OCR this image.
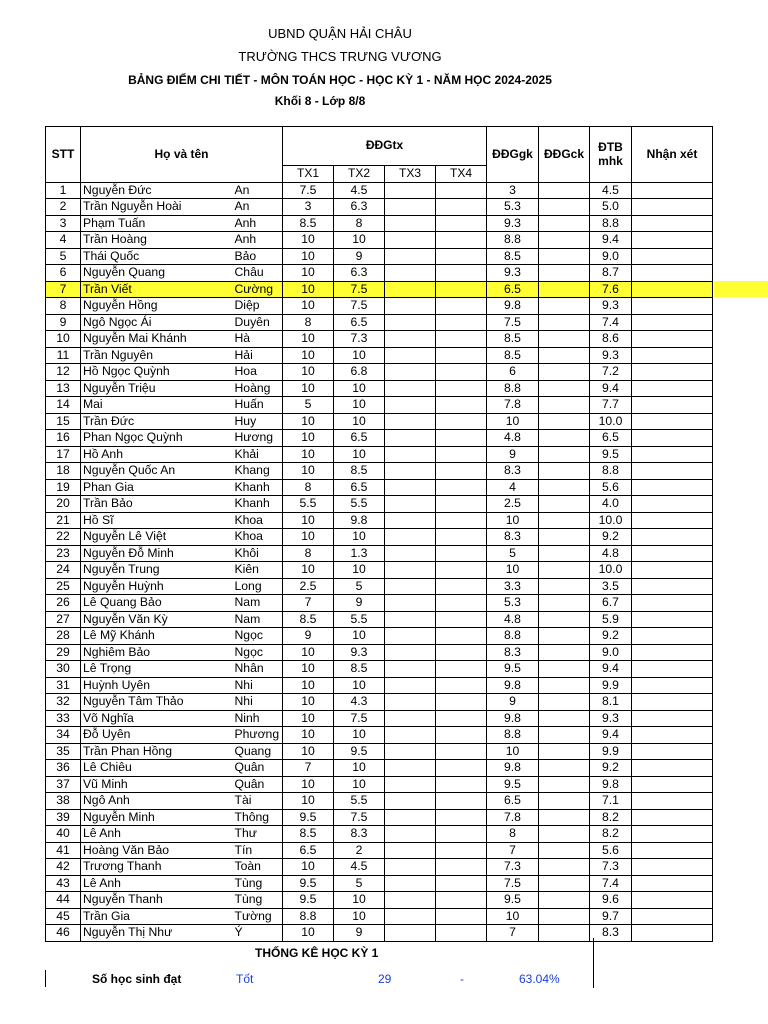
UBND QUẬN HẢI CHÂU
TRƯỜNG THCS TRƯNG VƯƠNG
BẢNG ĐIỂM CHI TIẾT - MÔN TOÁN HỌC - HỌC KỲ 1 - NĂM HỌC 2024-2025
Khối 8 - Lớp 8/8
STT	Họ và tên		ĐĐGtx				ĐĐGgk	ĐĐGck	ĐTB mhk	Nhận xét
			TX1	TX2	TX3	TX4				
1	Nguyễn Đức	An	7.5	4.5			3		4.5	
2	Trần Nguyễn Hoài	An	3	6.3			5.3		5.0	
3	Phạm Tuấn	Anh	8.5	8			9.3		8.8	
4	Trần Hoàng	Anh	10	10			8.8		9.4	
5	Thái Quốc	Bảo	10	9			8.5		9.0	
6	Nguyễn Quang	Châu	10	6.3			9.3		8.7	
7	Trần Viết	Cường	10	7.5			6.5		7.6	
8	Nguyễn Hồng	Diệp	10	7.5			9.8		9.3	
9	Ngô Ngọc Ái	Duyên	8	6.5			7.5		7.4	
10	Nguyễn Mai Khánh	Hà	10	7.3			8.5		8.6	
11	Trần Nguyên	Hải	10	10			8.5		9.3	
12	Hồ Ngọc Quỳnh	Hoa	10	6.8			6		7.2	
13	Nguyễn Triệu	Hoàng	10	10			8.8		9.4	
14	Mai	Huấn	5	10			7.8		7.7	
15	Trần Đức	Huy	10	10			10		10.0	
16	Phan Ngọc Quỳnh	Hương	10	6.5			4.8		6.5	
17	Hồ Anh	Khải	10	10			9		9.5	
18	Nguyễn Quốc An	Khang	10	8.5			8.3		8.8	
19	Phan Gia	Khanh	8	6.5			4		5.6	
20	Trần Bảo	Khanh	5.5	5.5			2.5		4.0	
21	Hồ Sĩ	Khoa	10	9.8			10		10.0	
22	Nguyễn Lê Việt	Khoa	10	10			8.3		9.2	
23	Nguyễn Đỗ Minh	Khôi	8	1.3			5		4.8	
24	Nguyễn Trung	Kiên	10	10			10		10.0	
25	Nguyễn Huỳnh	Long	2.5	5			3.3		3.5	
26	Lê Quang Bảo	Nam	7	9			5.3		6.7	
27	Nguyễn Văn Kỳ	Nam	8.5	5.5			4.8		5.9	
28	Lê Mỹ Khánh	Ngọc	9	10			8.8		9.2	
29	Nghiêm Bảo	Ngọc	10	9.3			8.3		9.0	
30	Lê Trọng	Nhân	10	8.5			9.5		9.4	
31	Huỳnh Uyên	Nhi	10	10			9.8		9.9	
32	Nguyễn Tâm Thảo	Nhi	10	4.3			9		8.1	
33	Võ Nghĩa	Ninh	10	7.5			9.8		9.3	
34	Đỗ Uyên	Phương	10	10			8.8		9.4	
35	Trần Phan Hồng	Quang	10	9.5			10		9.9	
36	Lê Chiêu	Quân	7	10			9.8		9.2	
37	Vũ Minh	Quân	10	10			9.5		9.8	
38	Ngô Anh	Tài	10	5.5			6.5		7.1	
39	Nguyễn Minh	Thông	9.5	7.5			7.8		8.2	
40	Lê Anh	Thư	8.5	8.3			8		8.2	
41	Hoàng Văn Bảo	Tín	6.5	2			7		5.6	
42	Trương Thanh	Toàn	10	4.5			7.3		7.3	
43	Lê Anh	Tùng	9.5	5			7.5		7.4	
44	Nguyễn Thanh	Tùng	9.5	10			9.5		9.6	
45	Trần Gia	Tường	8.8	10			10		9.7	
46	Nguyễn Thị Như	Ý	10	9			7		8.3	
THỐNG KÊ HỌC KỲ 1
Số học sinh đạt	Tốt	29	-	63.04%
